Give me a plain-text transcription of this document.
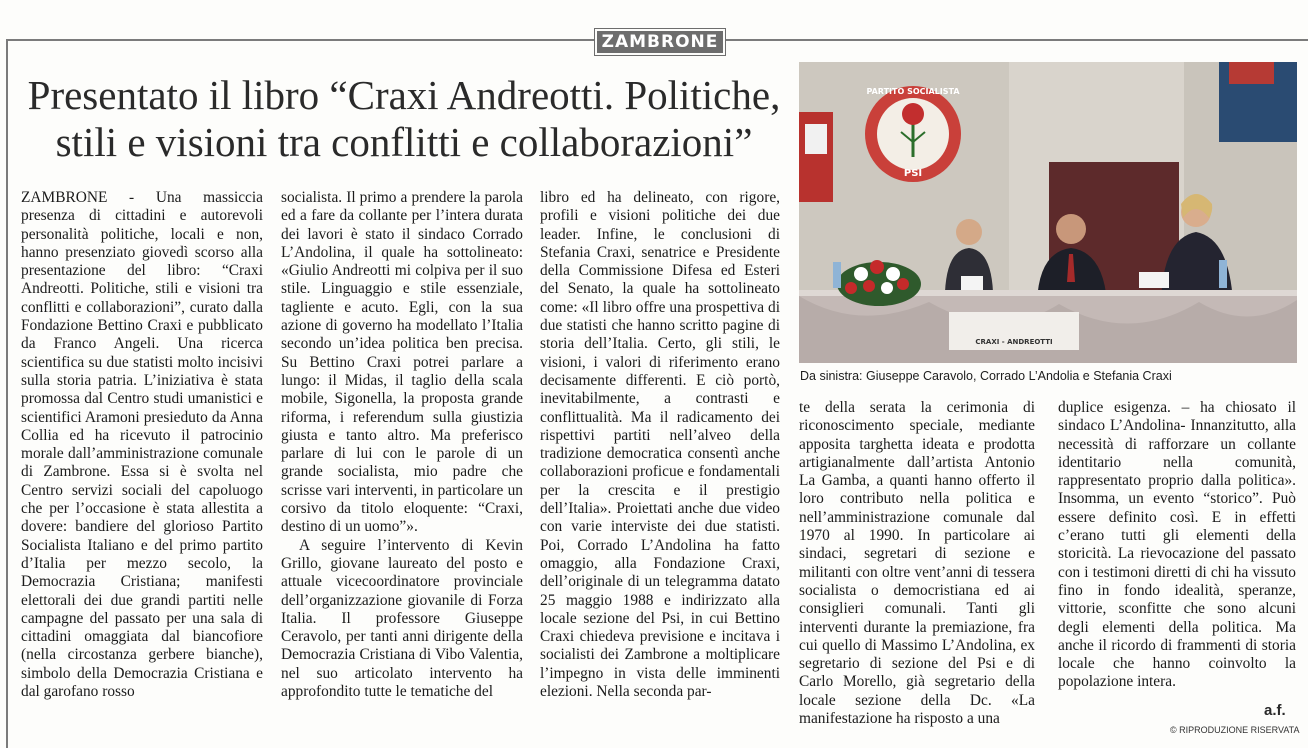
ZAMBRONE
Presentato il libro “Craxi Andreotti. Politiche,
stili e visioni tra conflitti e collaborazioni”

ZAMBRONE - Una massiccia presenza di cittadini e autorevoli personalità politiche, locali e non, hanno presenziato giovedì scorso alla presentazione del libro: “Craxi Andreotti. Politiche, stili e visioni tra conflitti e collaborazioni”, curato dalla Fondazione Bettino Craxi e pubblicato da Franco Angeli. Una ricerca scientifica su due statisti molto incisivi sulla storia patria. L’iniziativa è stata promossa dal Centro studi umanistici e scientifici Aramoni presieduto da Anna Collia ed ha ricevuto il patrocinio morale dall’amministrazione comunale di Zambrone. Essa si è svolta nel Centro servizi sociali del capoluogo che per l’occasione è stata allestita a dovere: bandiere del glorioso Partito Socialista Italiano e del primo partito d’Italia per mezzo secolo, la Democrazia Cristiana; manifesti elettorali dei due grandi partiti nelle campagne del passato per una sala di cittadini omaggiata dal biancofiore (nella circostanza gerbere bianche), simbolo della Democrazia Cristiana e dal garofano rosso

socialista. Il primo a prendere la parola ed a fare da collante per l’intera durata dei lavori è stato il sindaco Corrado L’Andolina, il quale ha sottolineato: «Giulio Andreotti mi colpiva per il suo stile. Linguaggio e stile essenziale, tagliente e acuto. Egli, con la sua azione di governo ha modellato l’Italia secondo un’idea politica ben precisa. Su Bettino Craxi potrei parlare a lungo: il Midas, il taglio della scala mobile, Sigonella, la proposta grande riforma, i referendum sulla giustizia giusta e tanto altro. Ma preferisco parlare di lui con le parole di un grande socialista, mio padre che scrisse vari interventi, in particolare un corsivo da titolo eloquente: “Craxi, destino di un uomo”».

A seguire l’intervento di Kevin Grillo, giovane laureato del posto e attuale vicecoordinatore provinciale dell’organizzazione giovanile di Forza Italia. Il professore Giuseppe Ceravolo, per tanti anni dirigente della Democrazia Cristiana di Vibo Valentia, nel suo articolato intervento ha approfondito tutte le tematiche del

libro ed ha delineato, con rigore, profili e visioni politiche dei due leader. Infine, le conclusioni di Stefania Craxi, senatrice e Presidente della Commissione Difesa ed Esteri del Senato, la quale ha sottolineato come: «Il libro offre una prospettiva di due statisti che hanno scritto pagine di storia dell’Italia. Certo, gli stili, le visioni, i valori di riferimento erano decisamente differenti. E ciò portò, inevitabilmente, a contrasti e conflittualità. Ma il radicamento dei rispettivi partiti nell’alveo della tradizione democratica consentì anche collaborazioni proficue e fondamentali per la crescita e il prestigio dell’Italia». Proiettati anche due video con varie interviste dei due statisti. Poi, Corrado L’Andolina ha fatto omaggio, alla Fondazione Craxi, dell’originale di un telegramma datato 25 maggio 1988 e indirizzato alla locale sezione del Psi, in cui Bettino Craxi chiedeva previsione e incitava i socialisti dei Zambrone a moltiplicare l’impegno in vista delle imminenti elezioni. Nella seconda par-

te della serata la cerimonia di riconoscimento speciale, mediante apposita targhetta ideata e prodotta artigianalmente dall’artista Antonio La Gamba, a quanti hanno offerto il loro contributo nella politica e nell’amministrazione comunale dal 1970 al 1990. In particolare ai sindaci, segretari di sezione e militanti con oltre vent’anni di tessera socialista o democristiana ed ai consiglieri comunali. Tanti gli interventi durante la premiazione, fra cui quello di Massimo L’Andolina, ex segretario di sezione del Psi e di Carlo Morello, già segretario della locale sezione della Dc. «La manifestazione ha risposto a una

duplice esigenza. – ha chiosato il sindaco L’Andolina- Innanzitutto, alla necessità di rafforzare un collante identitario nella comunità, rappresentato proprio dalla politica». Insomma, un evento “storico”. Può essere definito così. E in effetti c’erano tutti gli elementi della storicità. La rievocazione del passato con i testimoni diretti di chi ha vissuto fino in fondo idealità, speranze, vittorie, sconfitte che sono alcuni degli elementi della politica. Ma anche il ricordo di frammenti di storia locale che hanno coinvolto la popolazione intera.

PARTITO SOCIALISTA
PSI
CRAXI - ANDREOTTI
Da sinistra: Giuseppe Caravolo, Corrado L’Andolia e Stefania Craxi
a.f.
© RIPRODUZIONE RISERVATA
